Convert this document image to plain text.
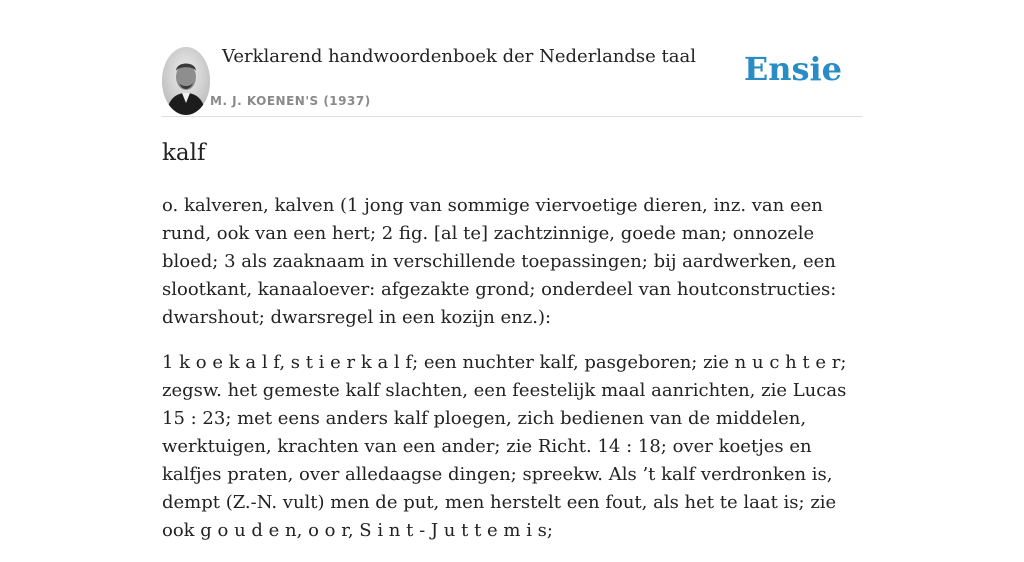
Verklarend handwoordenboek der Nederlandse taal
M. J. KOENEN'S (1937)
Ensie
kalf

o. kalveren, kalven (1 jong van sommige viervoetige dieren, inz. van een rund, ook van een hert; 2 fig. [al te] zachtzinnige, goede man; onnozele bloed; 3 als zaaknaam in verschillende toepassingen; bij aardwerken, een slootkant, kanaaloever: afgezakte grond; onderdeel van houtconstructies: dwarshout; dwarsregel in een kozijn enz.):

1 k o e k a l f, s t i e r k a l f; een nuchter kalf, pasgeboren; zie n u c h t e r; zegsw. het gemeste kalf slachten, een feestelijk maal aanrichten, zie Lucas 15 : 23; met eens anders kalf ploegen, zich bedienen van de middelen, werktuigen, krachten van een ander; zie Richt. 14 : 18; over koetjes en kalfjes praten, over alledaagse dingen; spreekw. Als ’t kalf verdronken is, dempt (Z.-N. vult) men de put, men herstelt een fout, als het te laat is; zie ook g o u d e n, o o r, S i n t - J u t t e m i s;
